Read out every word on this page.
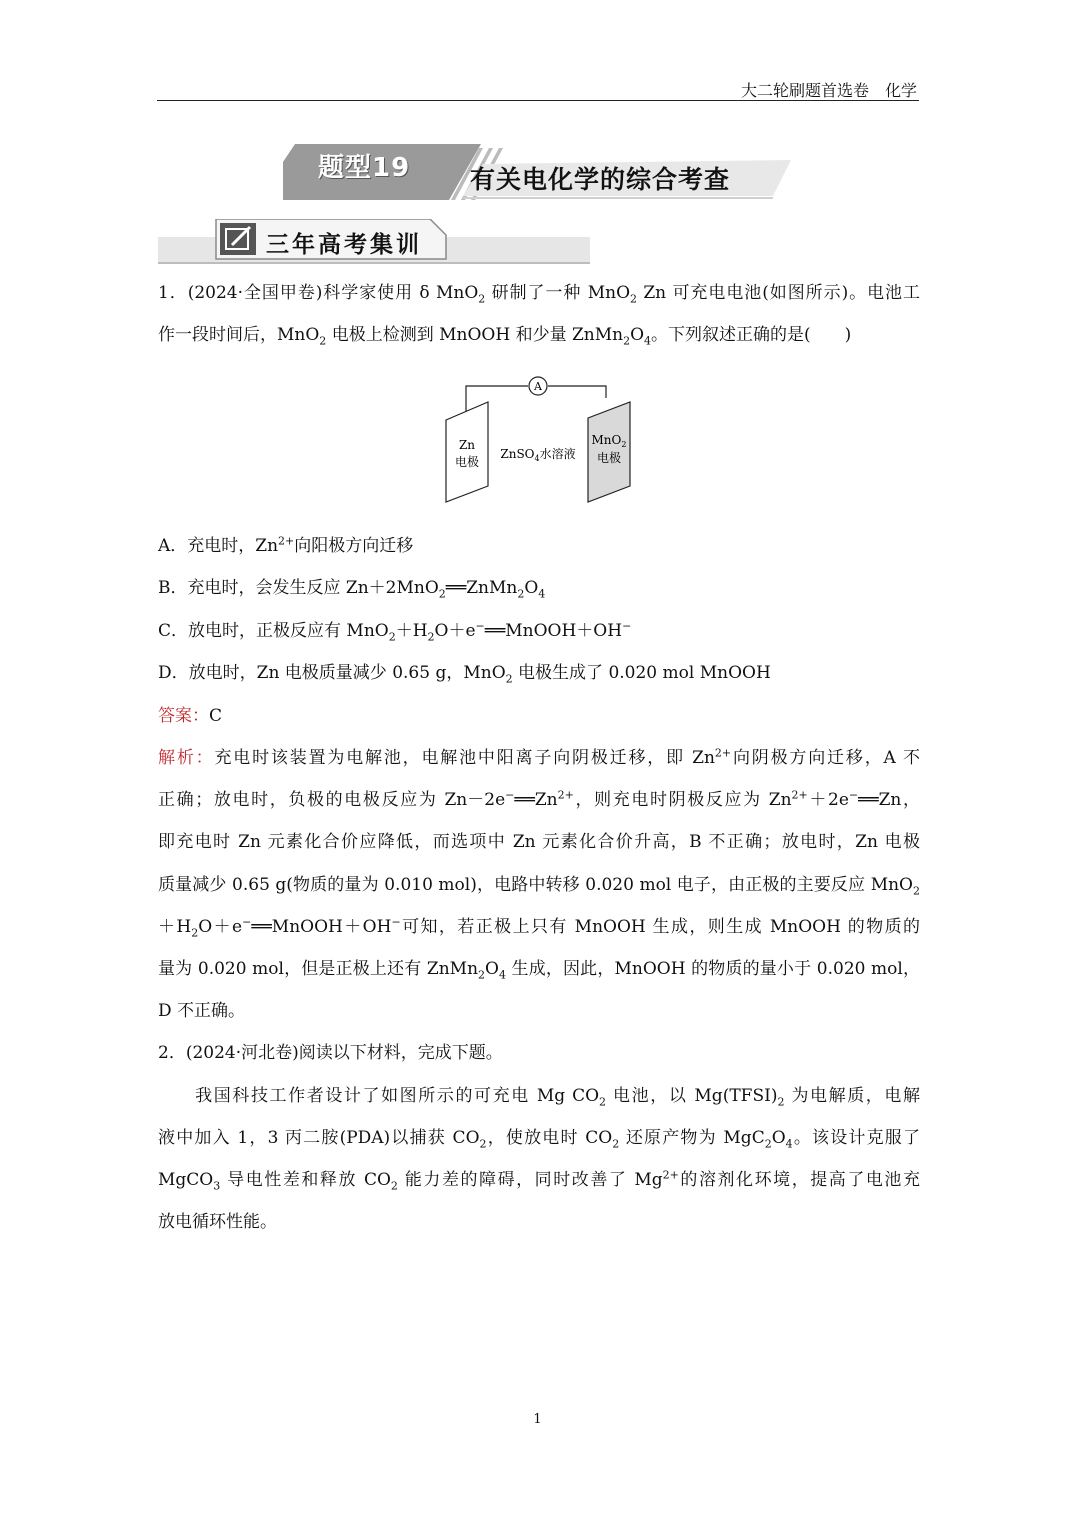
大二轮刷题首选卷　化学
题型19 有关电化学的综合考查
三年高考集训
1．(2024·全国甲卷)科学家使用 δ MnO$_2$ 研制了一种 MnO$_2$ Zn 可充电电池(如图所示)。电池工
作一段时间后，MnO$_2$ 电极上检测到 MnOOH 和少量 $ZnMn_2O_4$。下列叙述正确的是(　　)
A
Zn
电极
MnO$_2$
电极
ZnSO$_4$水溶液
A．充电时，$Zn^{2+}$向阳极方向迁移
B．充电时，会发生反应 $Zn+2MnO_2══ZnMn_2O_4$
C．放电时，正极反应有 $MnO_2+H_2O+e^-══MnOOH+OH^-$
D．放电时，Zn 电极质量减少 0.65 g，MnO$_2$ 电极生成了 0.020 mol MnOOH
答案：C
解析：充电时该装置为电解池，电解池中阳离子向阴极迁移，即 $Zn^{2+}$向阴极方向迁移，A 不
正确；放电时，负极的电极反应为 $Zn-2e^-══Zn^{2+}$，则充电时阴极反应为 $Zn^{2+}+2e^-══Zn$，
即充电时 Zn 元素化合价应降低，而选项中 Zn 元素化合价升高，B 不正确；放电时，Zn 电极
质量减少 0.65 g(物质的量为 0.010 mol)，电路中转移 0.020 mol 电子，由正极的主要反应 MnO$_2$
$+H_2O+e^-══MnOOH+OH^-$可知，若正极上只有 MnOOH 生成，则生成 MnOOH 的物质的
量为 0.020 mol，但是正极上还有 $ZnMn_2O_4$ 生成，因此，MnOOH 的物质的量小于 0.020 mol，
D 不正确。
2．(2024·河北卷)阅读以下材料，完成下题。
　　我国科技工作者设计了如图所示的可充电 Mg $CO_2$ 电池，以 $Mg(TFSI)_2$ 为电解质，电解
液中加入 1，3 丙二胺(PDA)以捕获 $CO_2$，使放电时 $CO_2$ 还原产物为 $MgC_2O_4$。该设计克服了
MgCO$_3$ 导电性差和释放 $CO_2$ 能力差的障碍，同时改善了 $Mg^{2+}$的溶剂化环境，提高了电池充
放电循环性能。
1
